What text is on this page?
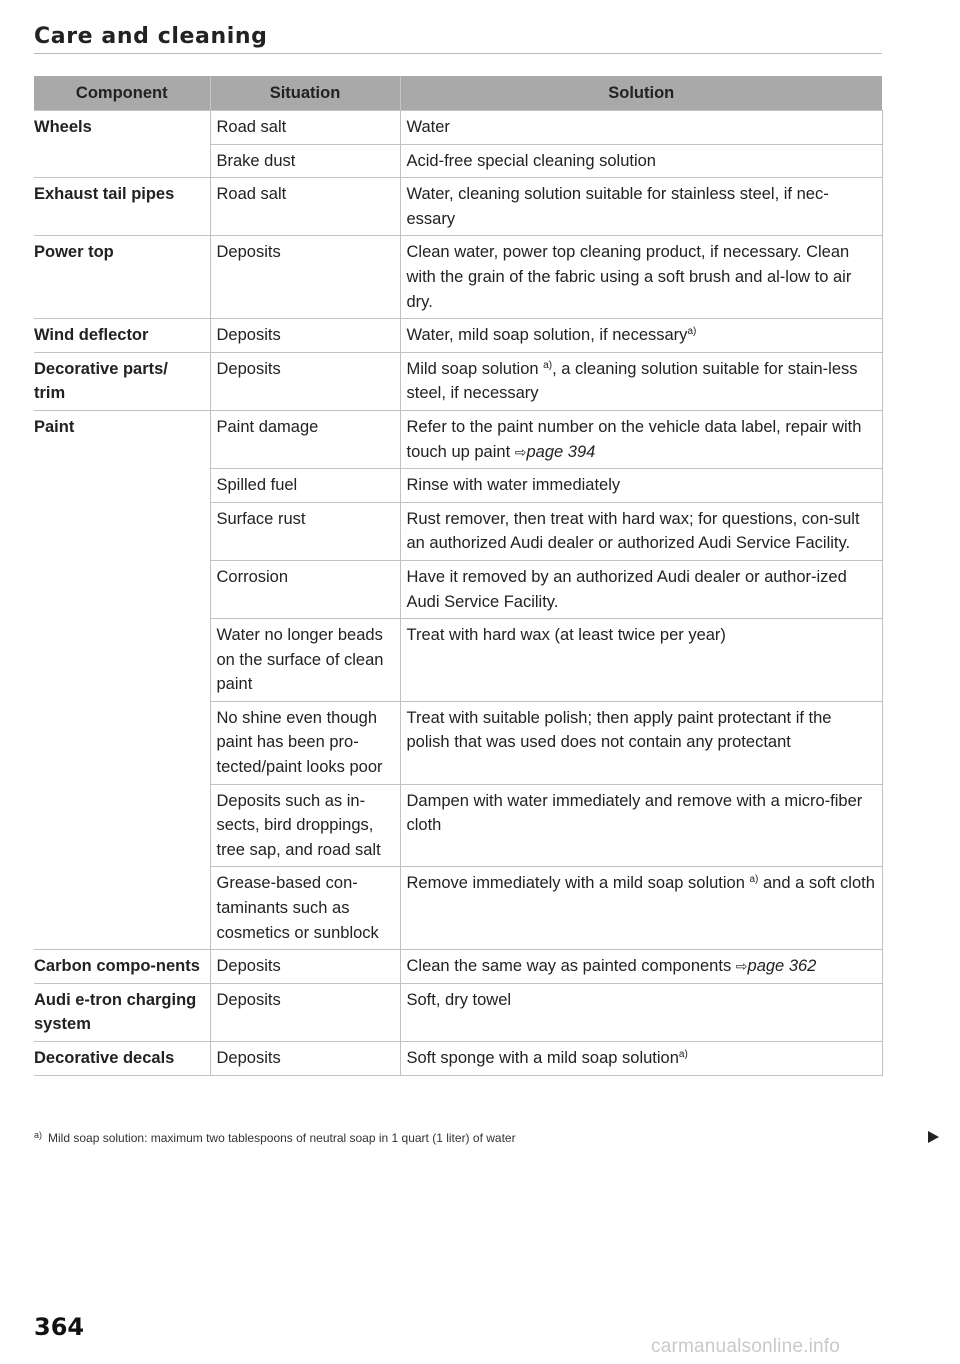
Care and cleaning
Component	Situation	Solution
Wheels	Road salt	Water
	Brake dust	Acid-free special cleaning solution
Exhaust tail pipes	Road salt	Water, cleaning solution suitable for stainless steel, if nec-essary
Power top	Deposits	Clean water, power top cleaning product, if necessary. Clean with the grain of the fabric using a soft brush and al-low to air dry.
Wind deflector	Deposits	Water, mild soap solution, if necessary$^{a)}$
Decorative parts/ trim	Deposits	Mild soap solution $^{a)}$, a cleaning solution suitable for stain-less steel, if necessary
Paint	Paint damage	Refer to the paint number on the vehicle data label, repair with touch up paint ⇨page 394
	Spilled fuel	Rinse with water immediately
	Surface rust	Rust remover, then treat with hard wax; for questions, con-sult an authorized Audi dealer or authorized Audi Service Facility.
	Corrosion	Have it removed by an authorized Audi dealer or author-ized Audi Service Facility.
	Water no longer beads on the surface of clean paint	Treat with hard wax (at least twice per year)
	No shine even though paint has been pro-tected/paint looks poor	Treat with suitable polish; then apply paint protectant if the polish that was used does not contain any protectant
	Deposits such as in-sects, bird droppings, tree sap, and road salt	Dampen with water immediately and remove with a micro-fiber cloth
	Grease-based con-taminants such as cosmetics or sunblock	Remove immediately with a mild soap solution $^{a)}$ and a soft cloth
Carbon compo-nents	Deposits	Clean the same way as painted components ⇨page 362
Audi e-tron charging system	Deposits	Soft, dry towel
Decorative decals	Deposits	Soft sponge with a mild soap solution$^{a)}$
$^{a)}$ Mild soap solution: maximum two tablespoons of neutral soap in 1 quart (1 liter) of water
364
carmanualsonline.info
